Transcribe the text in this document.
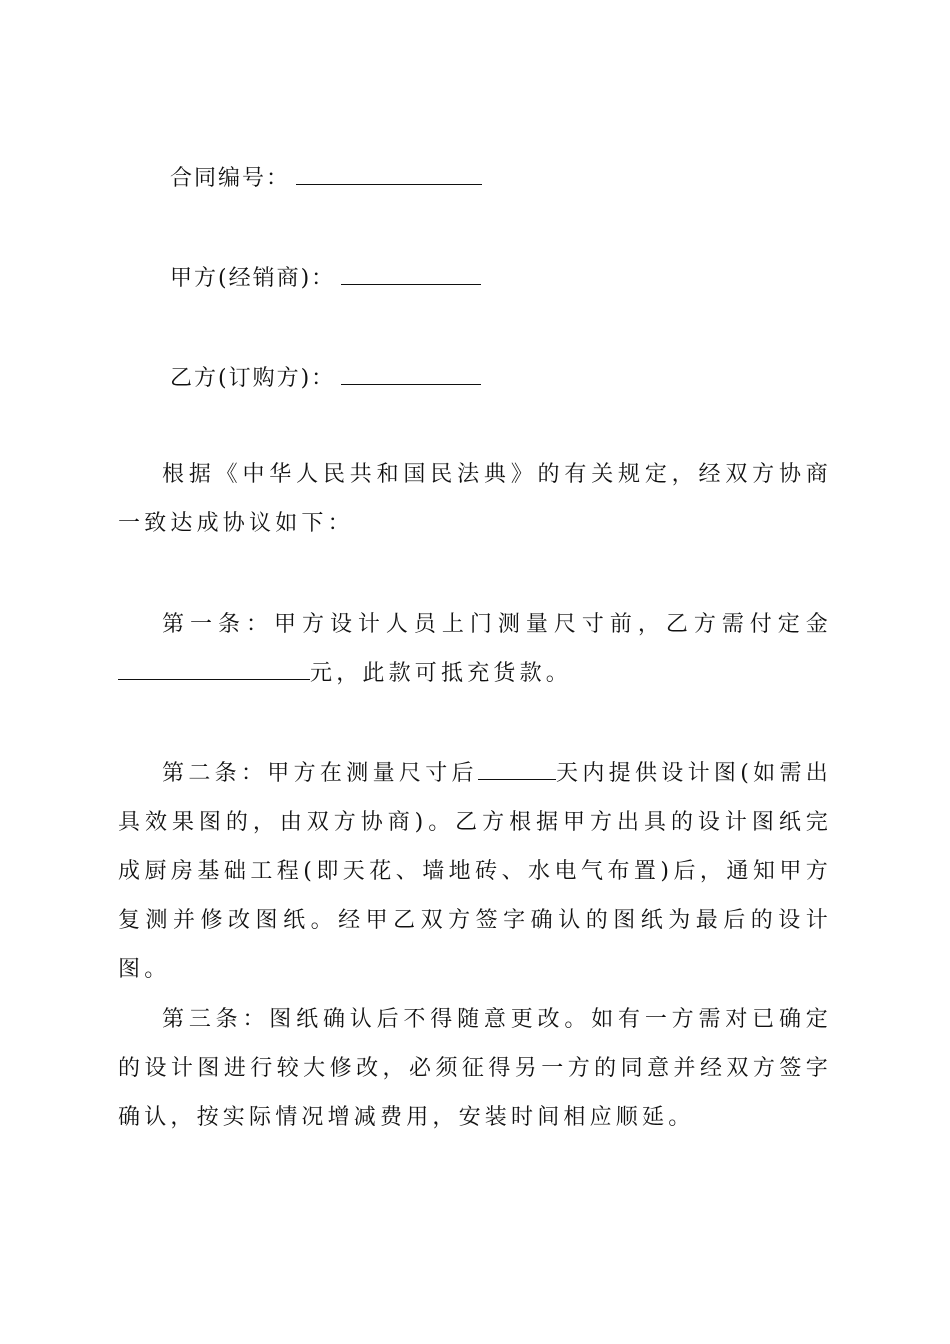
合同编号：
甲方(经销商)：
乙方(订购方)：

根据《中华人民共和国民法典》的有关规定，经双方协商一致达成协议如下：

第一条：甲方设计人员上门测量尺寸前，乙方需付定金元，此款可抵充货款。

第二条：甲方在测量尺寸后	天内提供设计图(如需出具效果图的，由双方协商)。乙方根据甲方出具的设计图纸完成厨房基础工程(即天花、墙地砖、水电气布置)后，通知甲方复测并修改图纸。经甲乙双方签字确认的图纸为最后的设计图。

第三条：图纸确认后不得随意更改。如有一方需对已确定的设计图进行较大修改，必须征得另一方的同意并经双方签字确认，按实际情况增减费用，安装时间相应顺延。
